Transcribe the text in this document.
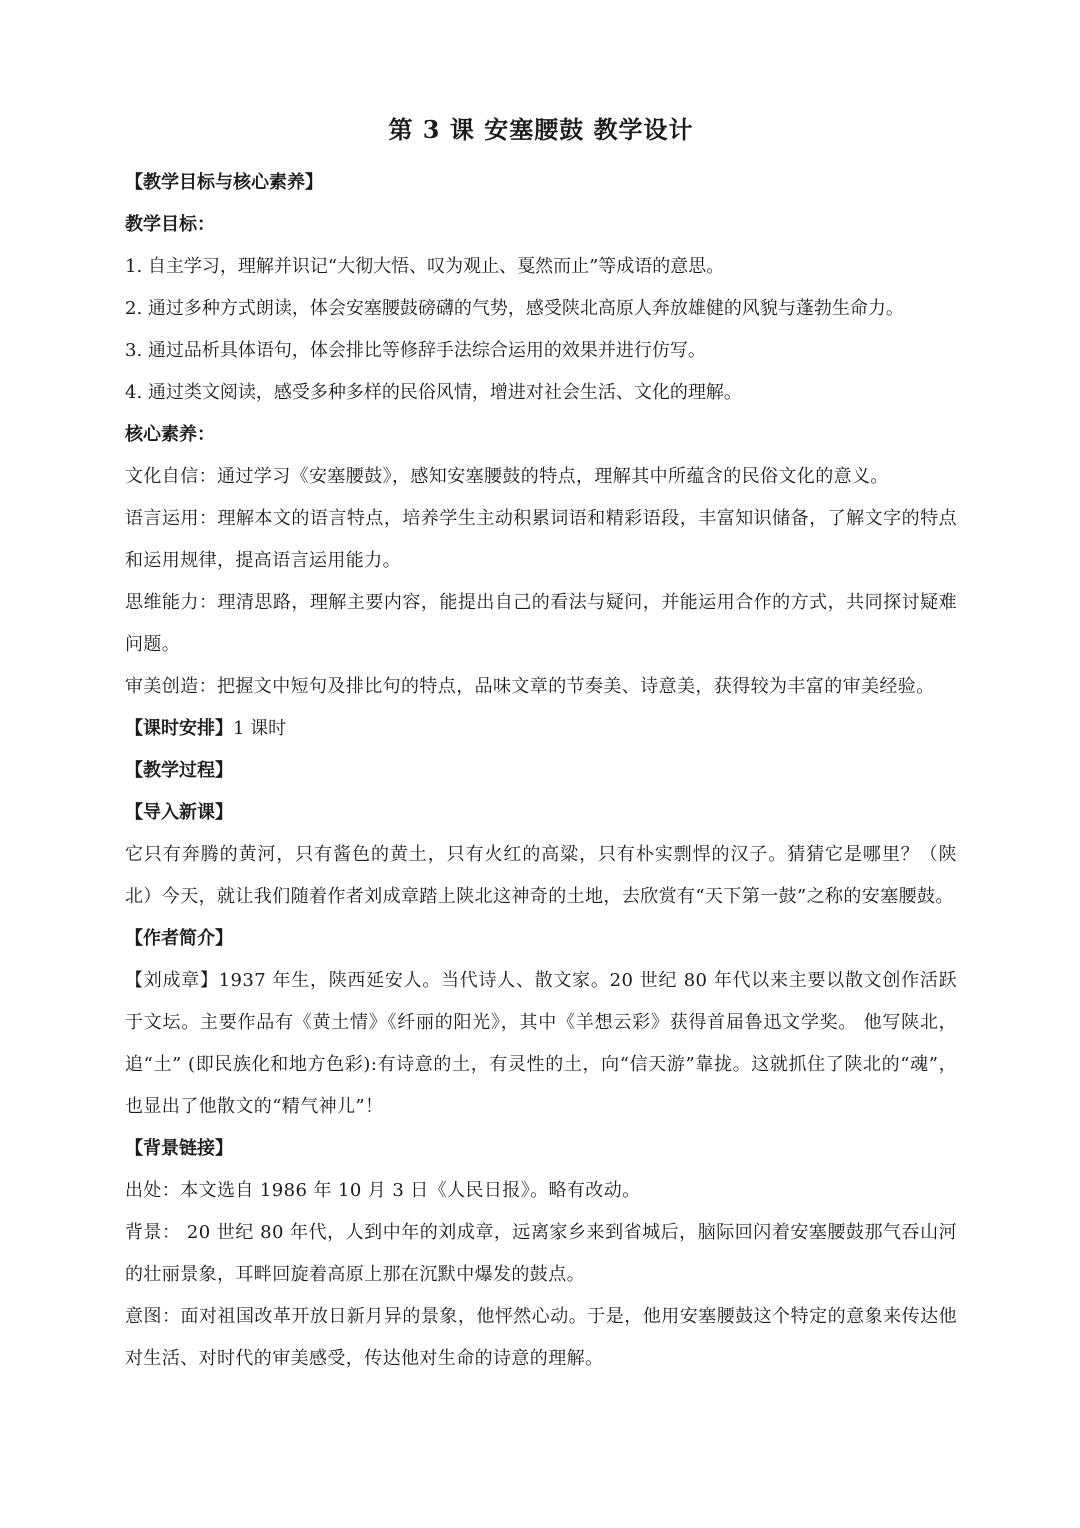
第 3 课 安塞腰鼓 教学设计

【教学目标与核心素养】

教学目标：

1. 自主学习，理解并识记“大彻大悟、叹为观止、戛然而止”等成语的意思。

2. 通过多种方式朗读，体会安塞腰鼓磅礴的气势，感受陕北高原人奔放雄健的风貌与蓬勃生命力。

3. 通过品析具体语句，体会排比等修辞手法综合运用的效果并进行仿写。

4. 通过类文阅读，感受多种多样的民俗风情，增进对社会生活、文化的理解。

核心素养：

文化自信：通过学习《安塞腰鼓》，感知安塞腰鼓的特点，理解其中所蕴含的民俗文化的意义。

语言运用：理解本文的语言特点，培养学生主动积累词语和精彩语段，丰富知识储备，了解文字的特点和运用规律，提高语言运用能力。

思维能力：理清思路，理解主要内容，能提出自己的看法与疑问，并能运用合作的方式，共同探讨疑难问题。

审美创造：把握文中短句及排比句的特点，品味文章的节奏美、诗意美，获得较为丰富的审美经验。

【课时安排】1 课时

【教学过程】

【导入新课】

它只有奔腾的黄河，只有酱色的黄土，只有火红的高粱，只有朴实剽悍的汉子。猜猜它是哪里？（陕北）今天，就让我们随着作者刘成章踏上陕北这神奇的土地，去欣赏有“天下第一鼓”之称的安塞腰鼓。

【作者简介】

【刘成章】1937 年生，陕西延安人。当代诗人、散文家。20 世纪 80 年代以来主要以散文创作活跃于文坛。主要作品有《黄土情》《纤丽的阳光》，其中《羊想云彩》获得首届鲁迅文学奖。 他写陕北，追“土” (即民族化和地方色彩):有诗意的土，有灵性的土，向“信天游”靠拢。这就抓住了陕北的“魂”，也显出了他散文的“精气神儿”！

【背景链接】

出处：本文选自 1986 年 10 月 3 日《人民日报》。略有改动。

背景： 20 世纪 80 年代，人到中年的刘成章，远离家乡来到省城后，脑际回闪着安塞腰鼓那气吞山河的壮丽景象，耳畔回旋着高原上那在沉默中爆发的鼓点。

意图：面对祖国改革开放日新月异的景象，他怦然心动。于是，他用安塞腰鼓这个特定的意象来传达他对生活、对时代的审美感受，传达他对生命的诗意的理解。
